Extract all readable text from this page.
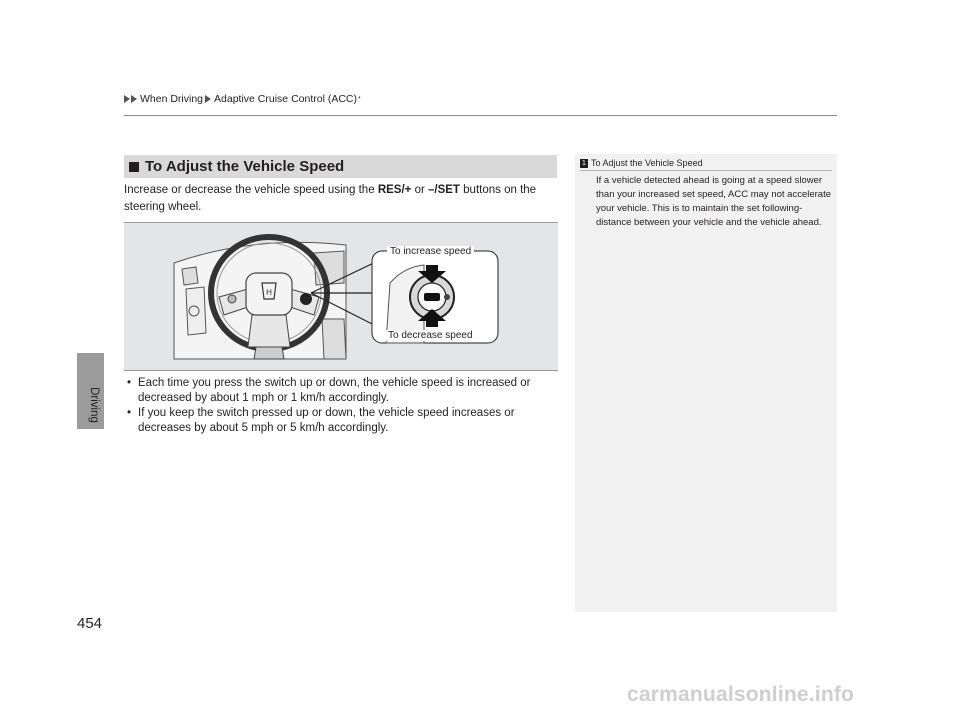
When Driving Adaptive Cruise Control (ACC) *
Driving
454
To Adjust the Vehicle Speed
Increase or decrease the vehicle speed using the RES/+ or –/SET buttons on the steering wheel.
H
To increase speed
To decrease speed
• Each time you press the switch up or down, the vehicle speed is increased or decreased by about 1 mph or 1 km/h accordingly.
• If you keep the switch pressed up or down, the vehicle speed increases or decreases by about 5 mph or 5 km/h accordingly.
1 To Adjust the Vehicle Speed
If a vehicle detected ahead is going at a speed slower than your increased set speed, ACC may not accelerate your vehicle. This is to maintain the set following-distance between your vehicle and the vehicle ahead.
carmanualsonline.info
